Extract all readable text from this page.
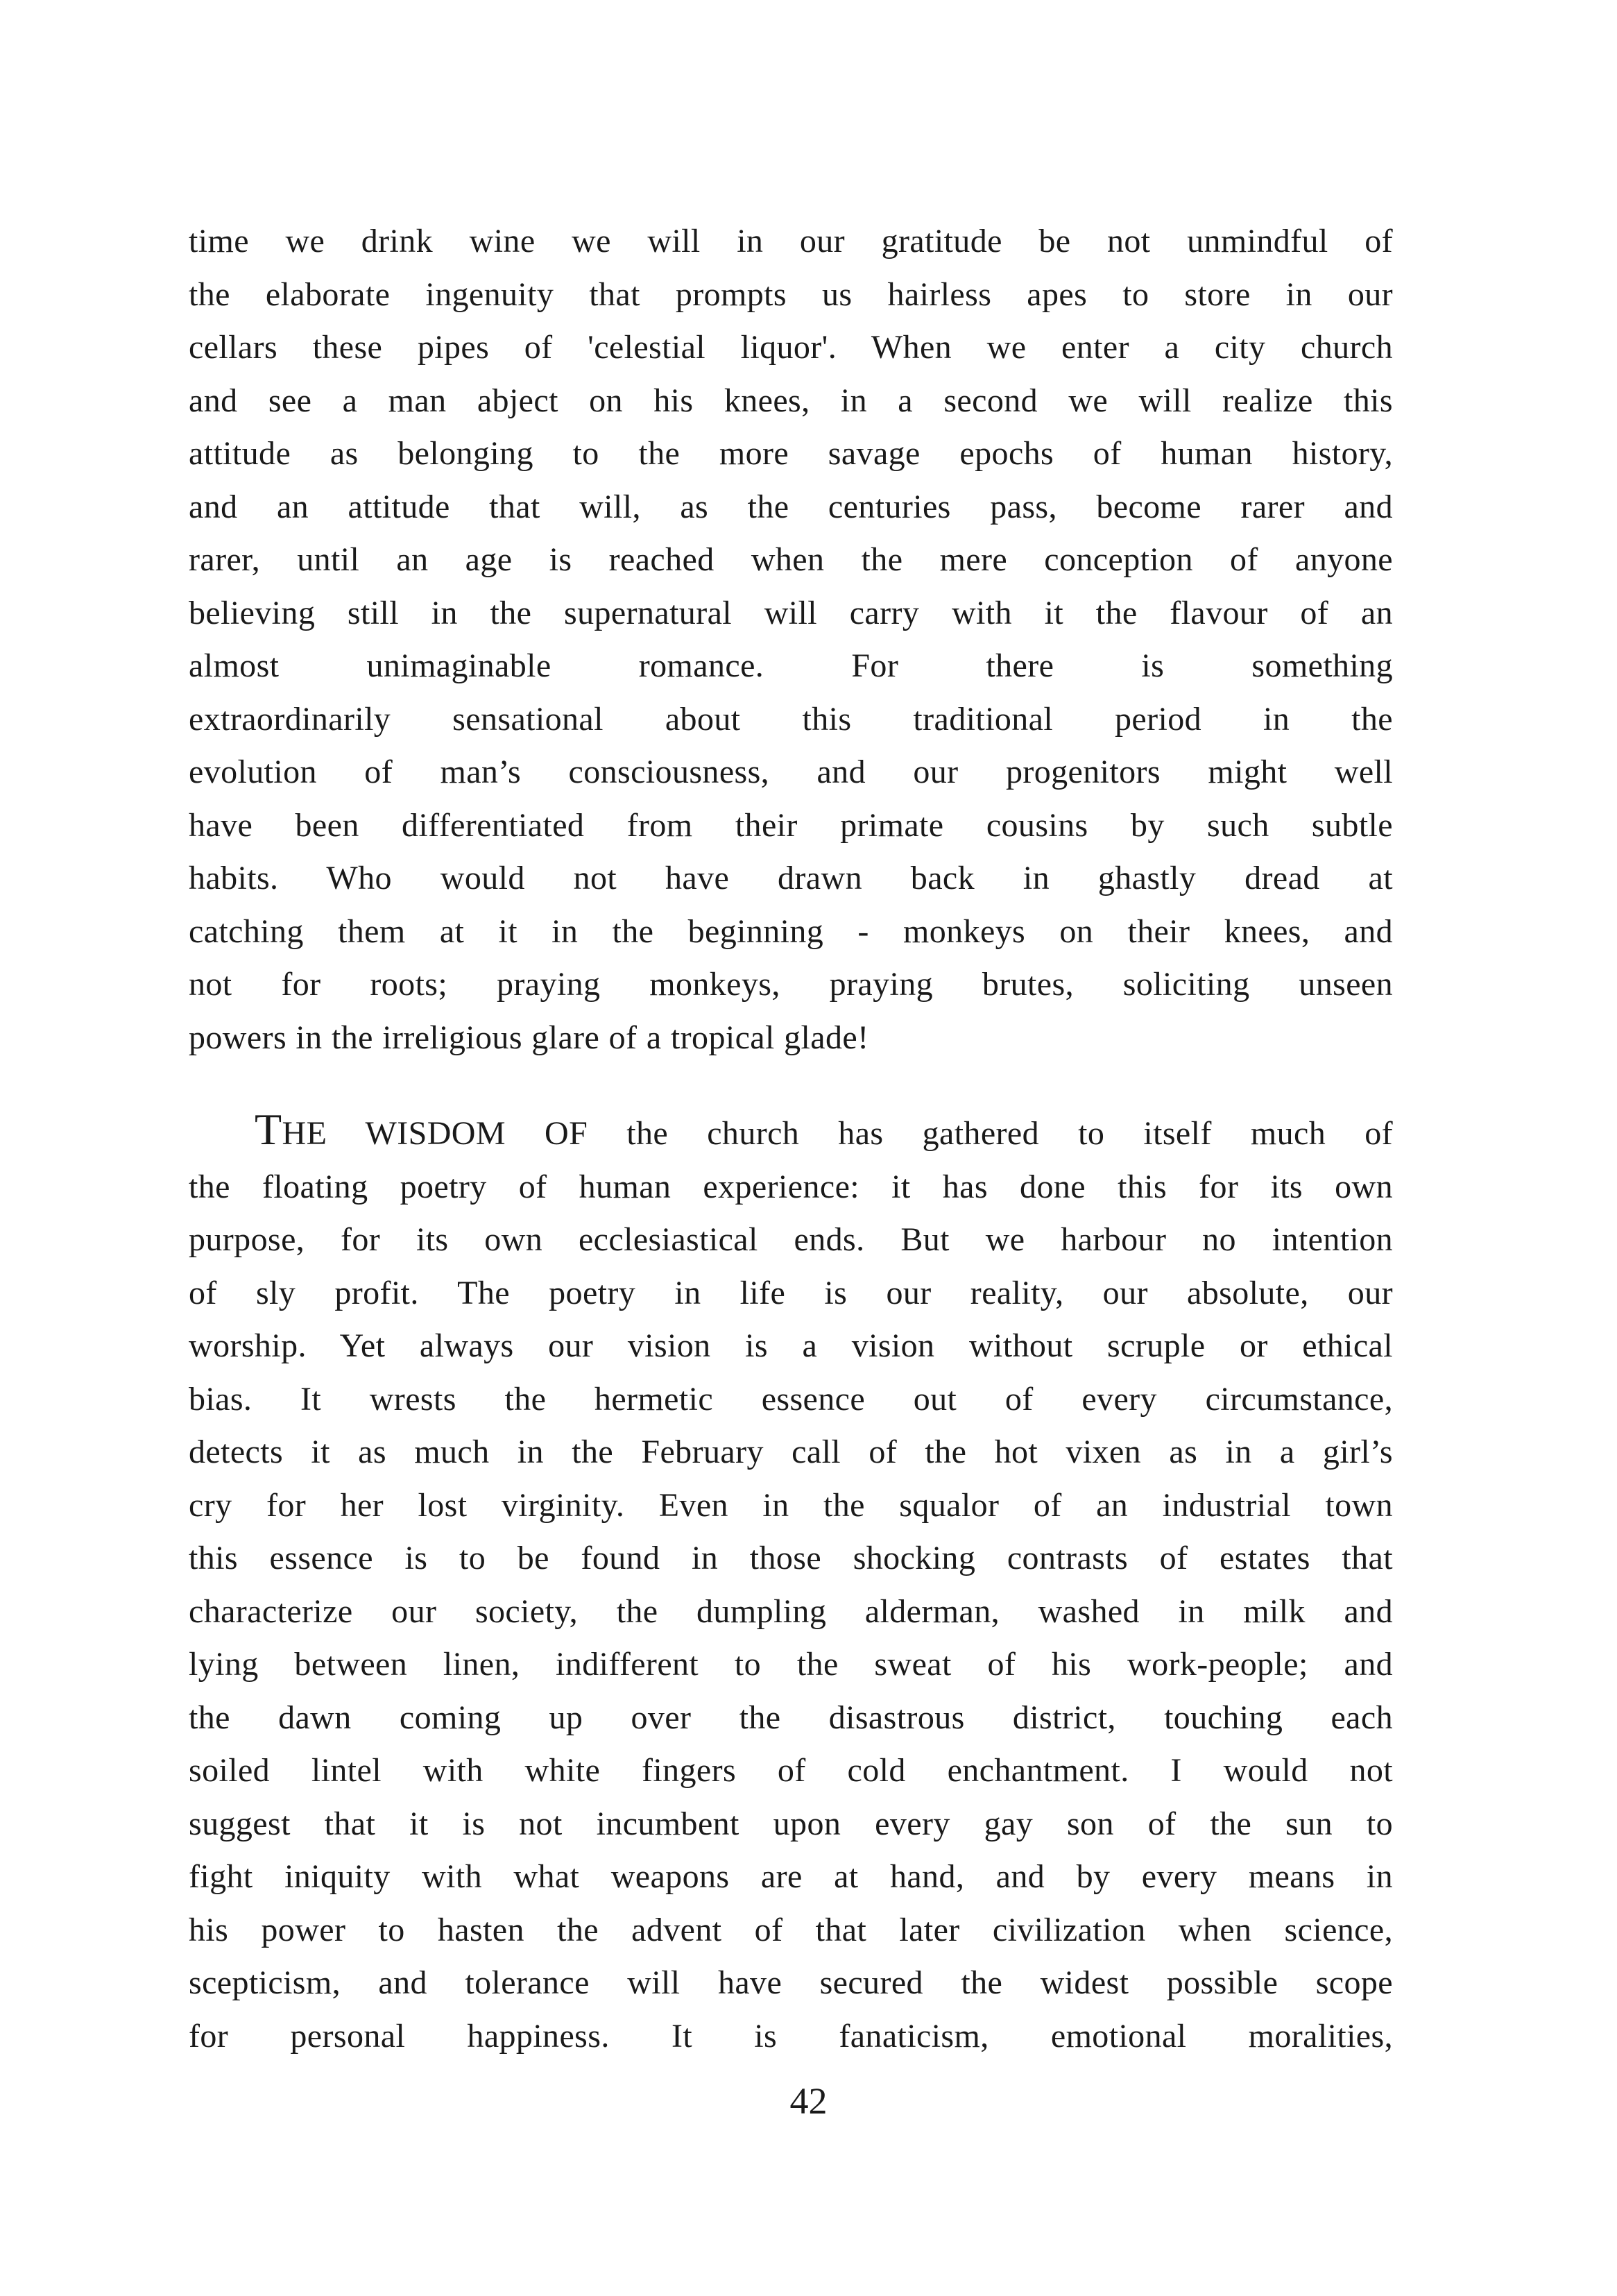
time we drink wine we will in our gratitude be not unmindful of
the elaborate ingenuity that prompts us hairless apes to store in our
cellars these pipes of 'celestial liquor'. When we enter a city church
and see a man abject on his knees, in a second we will realize this
attitude as belonging to the more savage epochs of human history,
and an attitude that will, as the centuries pass, become rarer and
rarer, until an age is reached when the mere conception of anyone
believing still in the supernatural will carry with it the flavour of an
almost unimaginable romance. For there is something
extraordinarily sensational about this traditional period in the
evolution of man’s consciousness, and our progenitors might well
have been differentiated from their primate cousins by such subtle
habits. Who would not have drawn back in ghastly dread at
catching them at it in the beginning - monkeys on their knees, and
not for roots; praying monkeys, praying brutes, soliciting unseen
powers in the irreligious glare of a tropical glade!
THE WISDOM OF the church has gathered to itself much of
the floating poetry of human experience: it has done this for its own
purpose, for its own ecclesiastical ends. But we harbour no intention
of sly profit. The poetry in life is our reality, our absolute, our
worship. Yet always our vision is a vision without scruple or ethical
bias. It wrests the hermetic essence out of every circumstance,
detects it as much in the February call of the hot vixen as in a girl’s
cry for her lost virginity. Even in the squalor of an industrial town
this essence is to be found in those shocking contrasts of estates that
characterize our society, the dumpling alderman, washed in milk and
lying between linen, indifferent to the sweat of his work-people; and
the dawn coming up over the disastrous district, touching each
soiled lintel with white fingers of cold enchantment. I would not
suggest that it is not incumbent upon every gay son of the sun to
fight iniquity with what weapons are at hand, and by every means in
his power to hasten the advent of that later civilization when science,
scepticism, and tolerance will have secured the widest possible scope
for personal happiness. It is fanaticism, emotional moralities,
42
